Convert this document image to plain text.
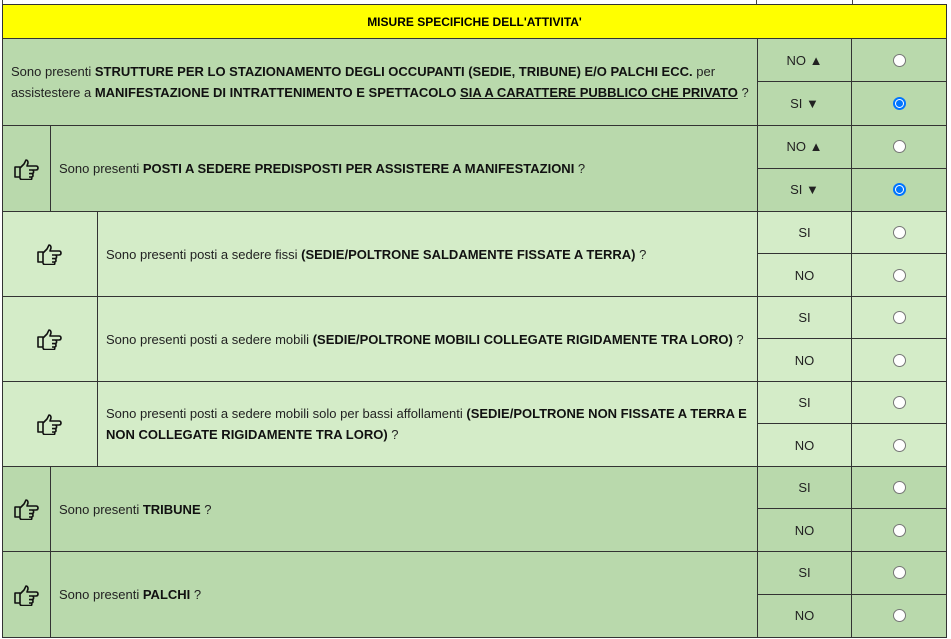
MISURE SPECIFICHE DELL'ATTIVITA'
Sono presenti STRUTTURE PER LO STAZIONAMENTO DEGLI OCCUPANTI (SEDIE, TRIBUNE) E/O PALCHI ECC. per assistestere a MANIFESTAZIONE DI INTRATTENIMENTO E SPETTACOLO SIA A CARATTERE PUBBLICO CHE PRIVATO ?
NO ▲
SI ▼
Sono presenti POSTI A SEDERE PREDISPOSTI PER ASSISTERE A MANIFESTAZIONI ?
NO ▲
SI ▼
Sono presenti posti a sedere fissi (SEDIE/POLTRONE SALDAMENTE FISSATE A TERRA) ?
SI
NO
Sono presenti posti a sedere mobili (SEDIE/POLTRONE MOBILI COLLEGATE RIGIDAMENTE TRA LORO) ?
SI
NO
Sono presenti posti a sedere mobili solo per bassi affollamenti (SEDIE/POLTRONE NON FISSATE A TERRA E NON COLLEGATE RIGIDAMENTE TRA LORO) ?
SI
NO
Sono presenti TRIBUNE ?
SI
NO
Sono presenti PALCHI ?
SI
NO
